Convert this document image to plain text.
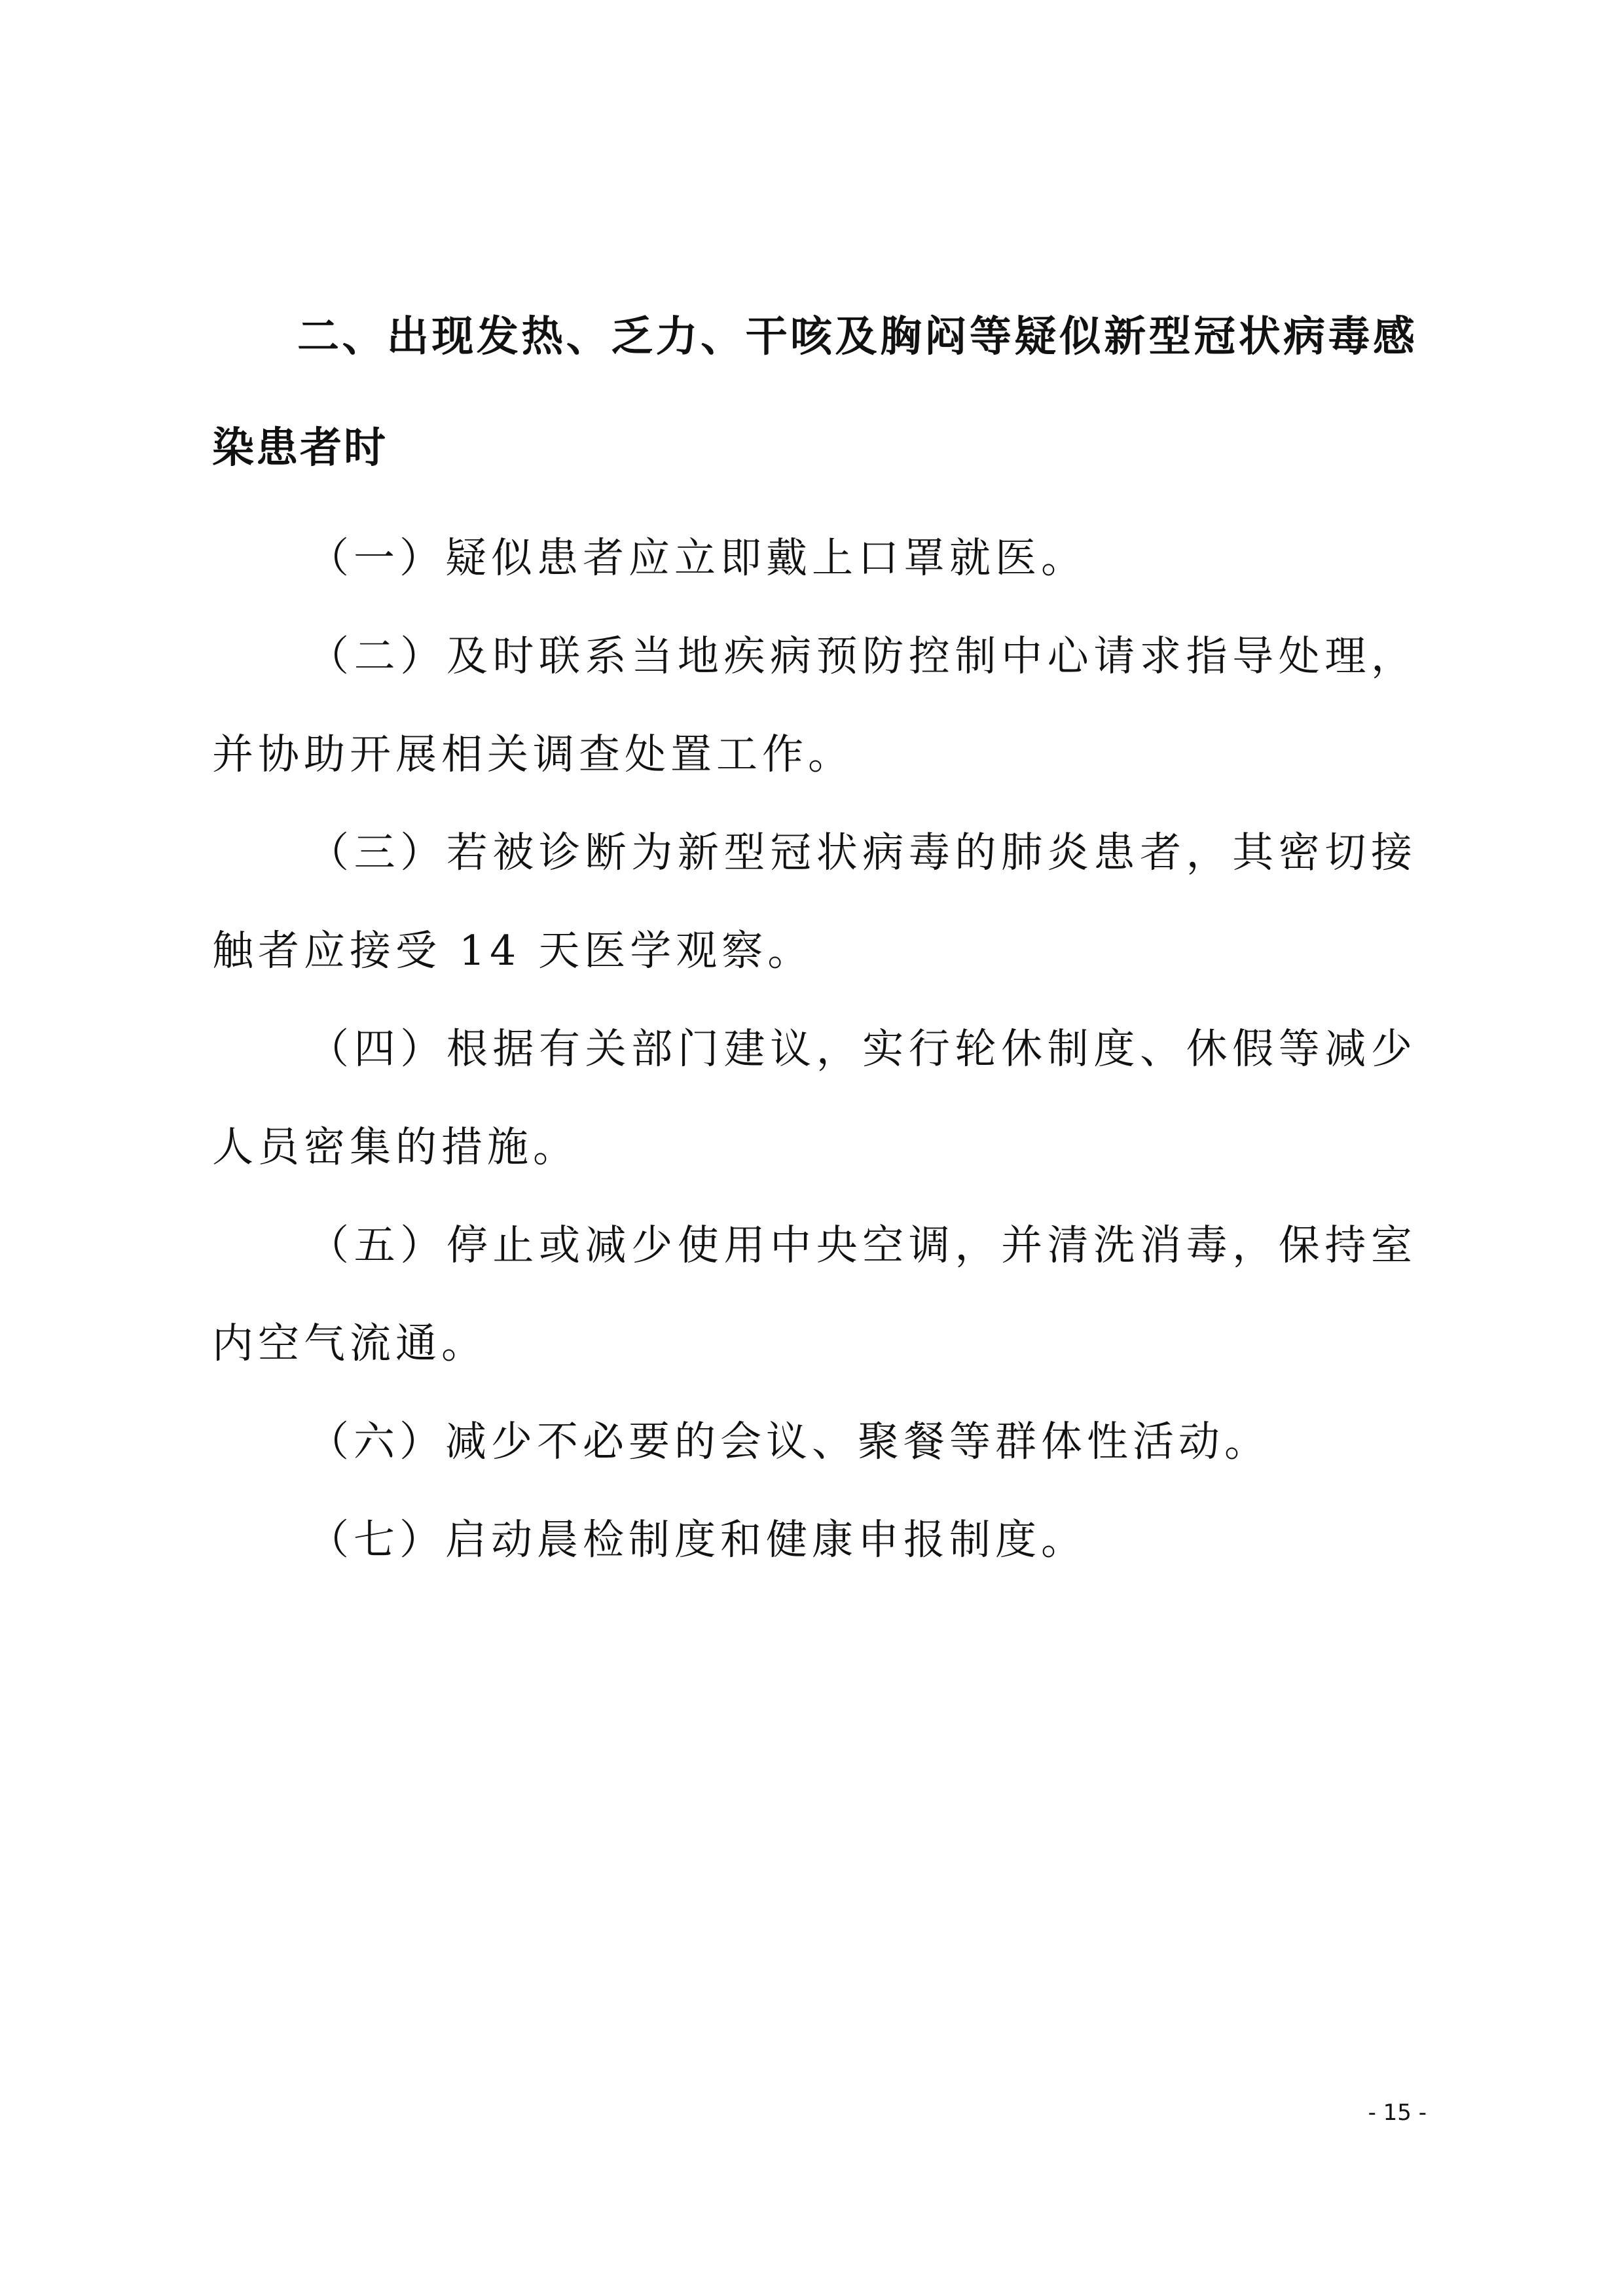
二、出现发热、乏力、干咳及胸闷等疑似新型冠状病毒感染患者时

（一）疑似患者应立即戴上口罩就医。

（二）及时联系当地疾病预防控制中心请求指导处理，并协助开展相关调查处置工作。

（三）若被诊断为新型冠状病毒的肺炎患者，其密切接触者应接受 14 天医学观察。

（四）根据有关部门建议，实行轮休制度、休假等减少人员密集的措施。

（五）停止或减少使用中央空调，并清洗消毒，保持室内空气流通。

（六）减少不必要的会议、聚餐等群体性活动。

（七）启动晨检制度和健康申报制度。

- 15 -
